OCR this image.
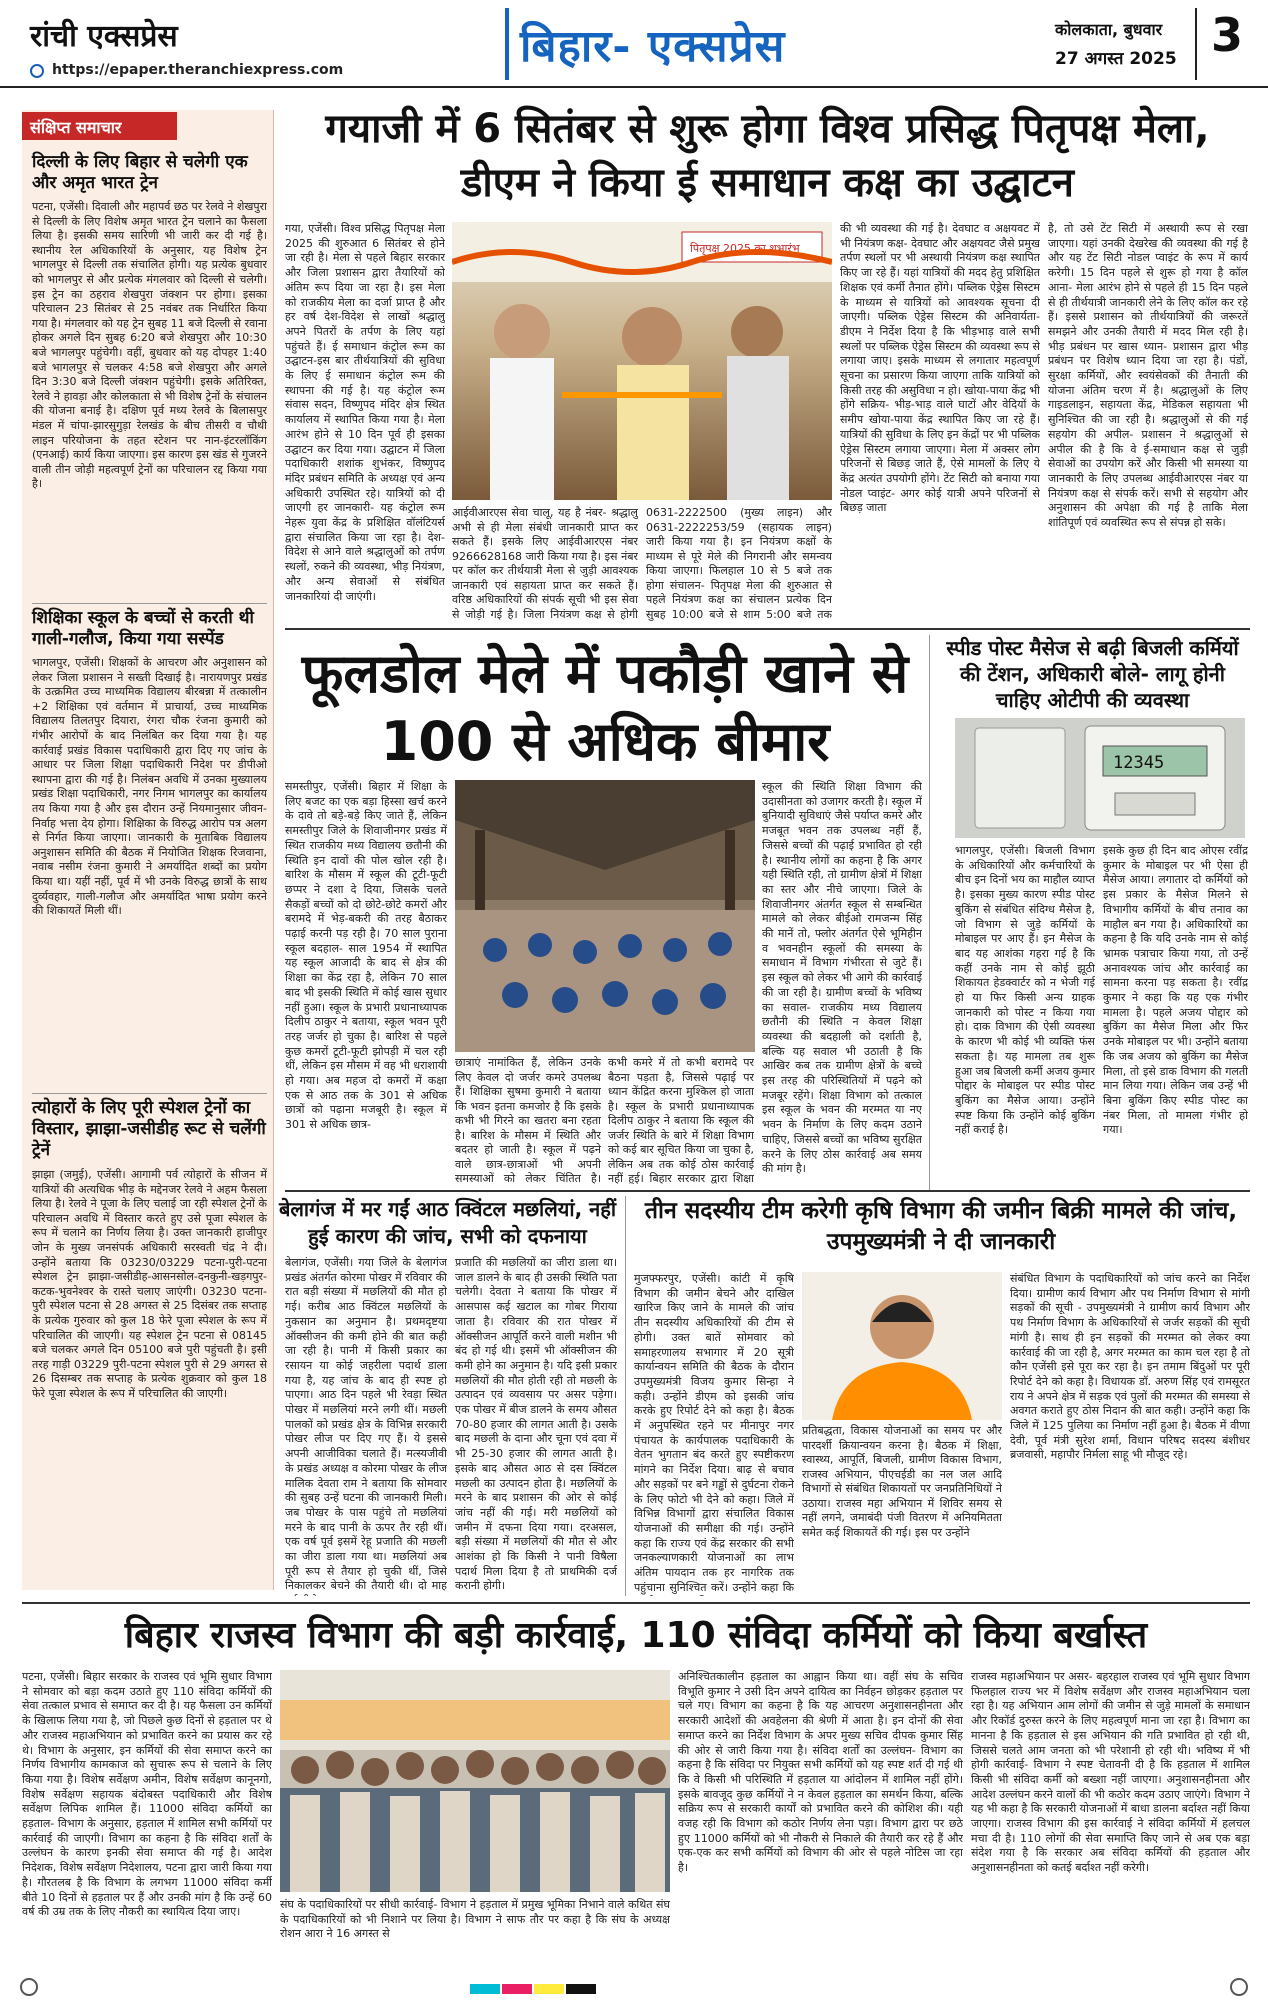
रांची एक्सप्रेस
https://epaper.theranchiexpress.com	बिहार- एक्सप्रेस	कोलकाता, बुधवार
27 अगस्त 2025 3
संक्षिप्त समाचार
दिल्ली के लिए बिहार से चलेगी एक और अमृत भारत ट्रेन
पटना, एजेंसी। दिवाली और महापर्व छठ पर रेलवे ने शेखपुरा से दिल्ली के लिए विशेष अमृत भारत ट्रेन चलाने का फैसला लिया है। इसकी समय सारिणी भी जारी कर दी गई है। स्थानीय रेल अधिकारियों के अनुसार, यह विशेष ट्रेन भागलपुर से दिल्ली तक संचालित होगी। यह प्रत्येक बुधवार को भागलपुर से और प्रत्येक मंगलवार को दिल्ली से चलेगी। इस ट्रेन का ठहराव शेखपुरा जंक्शन पर होगा। इसका परिचालन 23 सितंबर से 25 नवंबर तक निर्धारित किया गया है। मंगलवार को यह ट्रेन सुबह 11 बजे दिल्ली से रवाना होकर अगले दिन सुबह 6:20 बजे शेखपुरा और 10:30 बजे भागलपुर पहुंचेगी। वहीं, बुधवार को यह दोपहर 1:40 बजे भागलपुर से चलकर 4:58 बजे शेखपुरा और अगले दिन 3:30 बजे दिल्ली जंक्शन पहुंचेगी। इसके अतिरिक्त, रेलवे ने हावड़ा और कोलकाता से भी विशेष ट्रेनों के संचालन की योजना बनाई है। दक्षिण पूर्व मध्य रेलवे के बिलासपुर मंडल में चांपा-झारसुगुड़ा रेलखंड के बीच तीसरी व चौथी लाइन परियोजना के तहत स्टेशन पर नान-इंटरलॉकिंग (एनआई) कार्य किया जाएगा। इस कारण इस खंड से गुजरने वाली तीन जोड़ी महत्वपूर्ण ट्रेनों का परिचालन रद्द किया गया है।
शिक्षिका स्कूल के बच्चों से करती थी गाली-गलौज, किया गया सस्पेंड
भागलपुर, एजेंसी। शिक्षकों के आचरण और अनुशासन को लेकर जिला प्रशासन ने सख्ती दिखाई है। नारायणपुर प्रखंड के उत्क्रमित उच्च माध्यमिक विद्यालय बीरबन्ना में तत्कालीन +2 शिक्षिका एवं वर्तमान में प्राचार्या, उच्च माध्यमिक विद्यालय तिलतपुर दियारा, रंगरा चौक रंजना कुमारी को गंभीर आरोपों के बाद निलंबित कर दिया गया है। यह कार्रवाई प्रखंड विकास पदाधिकारी द्वारा दिए गए जांच के आधार पर जिला शिक्षा पदाधिकारी निदेश पर डीपीओ स्थापना द्वारा की गई है। निलंबन अवधि में उनका मुख्यालय प्रखंड शिक्षा पदाधिकारी, नगर निगम भागलपुर का कार्यालय तय किया गया है और इस दौरान उन्हें नियमानुसार जीवन-निर्वाह भत्ता देय होगा। शिक्षिका के विरुद्ध आरोप पत्र अलग से निर्गत किया जाएगा। जानकारी के मुताबिक विद्यालय अनुशासन समिति की बैठक में नियोजित शिक्षक रिजवाना, नवाब नसीम रंजना कुमारी ने अमर्यादित शब्दों का प्रयोग किया था। यहीं नहीं, पूर्व में भी उनके विरुद्ध छात्रों के साथ दुर्व्यवहार, गाली-गलौज और अमर्यादित भाषा प्रयोग करने की शिकायतें मिली थीं।
त्योहारों के लिए पूरी स्पेशल ट्रेनों का विस्तार, झाझा-जसीडीह रूट से चलेंगी ट्रेनें
झाझा (जमुई), एजेंसी। आगामी पर्व त्योहारों के सीजन में यात्रियों की अत्यधिक भीड़ के मद्देनजर रेलवे ने अहम फैसला लिया है। रेलवे ने पूजा के लिए चलाई जा रही स्पेशल ट्रेनों के परिचालन अवधि में विस्तार करते हुए उसे पूजा स्पेशल के रूप में चलाने का निर्णय लिया है। उक्त जानकारी हाजीपुर जोन के मुख्य जनसंपर्क अधिकारी सरस्वती चंद्र ने दी। उन्होंने बताया कि 03230/03229 पटना-पुरी-पटना स्पेशल ट्रेन झाझा-जसीडीह-आसनसोल-दनकुनी-खड़गपुर-कटक-भुवनेश्वर के रास्ते चलाए जाएंगी। 03230 पटना-पुरी स्पेशल पटना से 28 अगस्त से 25 दिसंबर तक सप्ताह के प्रत्येक गुरुवार को कुल 18 फेरे पूजा स्पेशल के रूप में परिचालित की जाएगी। यह स्पेशल ट्रेन पटना से 08145 बजे चलकर अगले दिन 05100 बजे पुरी पहुंचती है। इसी तरह गाड़ी 03229 पुरी-पटना स्पेशल पुरी से 29 अगस्त से 26 दिसम्बर तक सप्ताह के प्रत्येक शुक्रवार को कुल 18 फेरे पूजा स्पेशल के रूप में परिचालित की जाएगी।
गयाजी में 6 सितंबर से शुरू होगा विश्व प्रसिद्ध पितृपक्ष मेला, डीएम ने किया ई समाधान कक्ष का उद्घाटन
गया, एजेंसी। विश्व प्रसिद्ध पितृपक्ष मेला 2025 की शुरुआत 6 सितंबर से होने जा रही है। मेला से पहले बिहार सरकार और जिला प्रशासन द्वारा तैयारियों को अंतिम रूप दिया जा रहा है। इस मेला को राजकीय मेला का दर्जा प्राप्त है और हर वर्ष देश-विदेश से लाखों श्रद्धालु अपने पितरों के तर्पण के लिए यहां पहुंचते हैं। ई समाधान कंट्रोल रूम का उद्घाटन-इस बार तीर्थयात्रियों की सुविधा के लिए ई समाधान कंट्रोल रूम की स्थापना की गई है। यह कंट्रोल रूम संवास सदन, विष्णुपद मंदिर क्षेत्र स्थित कार्यालय में स्थापित किया गया है। मेला आरंभ होने से 10 दिन पूर्व ही इसका उद्घाटन कर दिया गया। उद्घाटन में जिला पदाधिकारी शशांक शुभंकर, विष्णुपद मंदिर प्रबंधन समिति के अध्यक्ष एवं अन्य अधिकारी उपस्थित रहे। यात्रियों को दी जाएगी हर जानकारी- यह कंट्रोल रूम नेहरू युवा केंद्र के प्रशिक्षित वॉलंटियर्स द्वारा संचालित किया जा रहा है। देश-विदेश से आने वाले श्रद्धालुओं को तर्पण स्थलों, रुकने की व्यवस्था, भीड़ नियंत्रण, और अन्य सेवाओं से संबंधित जानकारियां दी जाएंगी।
पितृपक्ष 2025 का शुभारंभ
आईवीआरएस सेवा चालू, यह है नंबर- श्रद्धालु अभी से ही मेला संबंधी जानकारी प्राप्त कर सकते हैं। इसके लिए आईवीआरएस नंबर 9266628168 जारी किया गया है। इस नंबर पर कॉल कर तीर्थयात्री मेला से जुड़ी आवश्यक जानकारी एवं सहायता प्राप्त कर सकते हैं। वरिष्ठ अधिकारियों की संपर्क सूची भी इस सेवा से जोड़ी गई है। जिला नियंत्रण कक्ष से होगी
0631-2222500 (मुख्य लाइन) और 0631-2222253/59 (सहायक लाइन) जारी किया गया है। इन नियंत्रण कक्षों के माध्यम से पूरे मेले की निगरानी और समन्वय किया जाएगा। फिलहाल 10 से 5 बजे तक होगा संचालन- पितृपक्ष मेला की शुरुआत से पहले नियंत्रण कक्ष का संचालन प्रत्येक दिन सुबह 10:00 बजे से शाम 5:00 बजे तक
की भी व्यवस्था की गई है। देवघाट व अक्षयवट में भी नियंत्रण कक्ष- देवघाट और अक्षयवट जैसे प्रमुख तर्पण स्थलों पर भी अस्थायी नियंत्रण कक्ष स्थापित किए जा रहे हैं। यहां यात्रियों की मदद हेतु प्रशिक्षित शिक्षक एवं कर्मी तैनात होंगे। पब्लिक ऐड्रेस सिस्टम के माध्यम से यात्रियों को आवश्यक सूचना दी जाएगी। पब्लिक ऐड्रेस सिस्टम की अनिवार्यता- डीएम ने निर्देश दिया है कि भीड़भाड़ वाले सभी स्थलों पर पब्लिक ऐड्रेस सिस्टम की व्यवस्था रूप से लगाया जाए। इसके माध्यम से लगातार महत्वपूर्ण सूचना का प्रसारण किया जाएगा ताकि यात्रियों को किसी तरह की असुविधा न हो। खोया-पाया केंद्र भी होंगे सक्रिय- भीड़-भाड़ वाले घाटों और वेदियों के समीप खोया-पाया केंद्र स्थापित किए जा रहे हैं। यात्रियों की सुविधा के लिए इन केंद्रों पर भी पब्लिक ऐड्रेस सिस्टम लगाया जाएगा। मेला में अक्सर लोग परिजनों से बिछड़ जाते हैं, ऐसे मामलों के लिए ये केंद्र अत्यंत उपयोगी होंगे। टेंट सिटी को बनाया गया नोडल प्वाइंट- अगर कोई यात्री अपने परिजनों से बिछड़ जाता
है, तो उसे टेंट सिटी में अस्थायी रूप से रखा जाएगा। यहां उनकी देखरेख की व्यवस्था की गई है और यह टेंट सिटी नोडल प्वाइंट के रूप में कार्य करेगी। 15 दिन पहले से शुरू हो गया है कॉल आना- मेला आरंभ होने से पहले ही 15 दिन पहले से ही तीर्थयात्री जानकारी लेने के लिए कॉल कर रहे हैं। इससे प्रशासन को तीर्थयात्रियों की जरूरतें समझने और उनकी तैयारी में मदद मिल रही है। भीड़ प्रबंधन पर खास ध्यान- प्रशासन द्वारा भीड़ प्रबंधन पर विशेष ध्यान दिया जा रहा है। पंडों, सुरक्षा कर्मियों, और स्वयंसेवकों की तैनाती की योजना अंतिम चरण में है। श्रद्धालुओं के लिए गाइडलाइन, सहायता केंद्र, मेडिकल सहायता भी सुनिश्चित की जा रही है। श्रद्धालुओं से की गई सहयोग की अपील- प्रशासन ने श्रद्धालुओं से अपील की है कि वे ई-समाधान कक्ष से जुड़ी सेवाओं का उपयोग करें और किसी भी समस्या या जानकारी के लिए उपलब्ध आईवीआरएस नंबर या नियंत्रण कक्ष से संपर्क करें। सभी से सहयोग और अनुशासन की अपेक्षा की गई है ताकि मेला शांतिपूर्ण एवं व्यवस्थित रूप से संपन्न हो सके।
फूलडोल मेले में पकौड़ी खाने से 100 से अधिक बीमार
समस्तीपुर, एजेंसी। बिहार में शिक्षा के लिए बजट का एक बड़ा हिस्सा खर्च करने के दावे तो बड़े-बड़े किए जाते हैं, लेकिन समस्तीपुर जिले के शिवाजीनगर प्रखंड में स्थित राजकीय मध्य विद्यालय छतौनी की स्थिति इन दावों की पोल खोल रही है। बारिश के मौसम में स्कूल की टूटी-फूटी छप्पर ने दशा दे दिया, जिसके चलते सैकड़ों बच्चों को दो छोटे-छोटे कमरों और बरामदे में भेड़-बकरी की तरह बैठाकर पढ़ाई करनी पड़ रही है। 70 साल पुराना स्कूल बदहाल- साल 1954 में स्थापित यह स्कूल आजादी के बाद से क्षेत्र की शिक्षा का केंद्र रहा है, लेकिन 70 साल बाद भी इसकी स्थिति में कोई खास सुधार नहीं हुआ। स्कूल के प्रभारी प्रधानाध्यापक दिलीप ठाकुर ने बताया, स्कूल भवन पूरी तरह जर्जर हो चुका है। बारिश से पहले कुछ कमरों टूटी-फूटी झोपड़ी में चल रही थीं, लेकिन इस मौसम में वह भी धराशायी हो गया। अब महज दो कमरों में कक्षा एक से आठ तक के 301 से अधिक छात्रों को पढ़ाना मजबूरी है। स्कूल में 301 से अधिक छात्र-
छात्राएं नामांकित हैं, लेकिन उनके लिए केवल दो जर्जर कमरे उपलब्ध हैं। शिक्षिका सुषमा कुमारी ने बताया कि भवन इतना कमजोर है कि इसके कभी भी गिरने का खतरा बना रहता है। बारिश के मौसम में स्थिति और बदतर हो जाती है। स्कूल में पढ़ने वाले छात्र-छात्राओं भी अपनी समस्याओं को लेकर चिंतित है।
कभी कमरे में तो कभी बरामदे पर बैठना पड़ता है, जिससे पढ़ाई पर ध्यान केंद्रित करना मुश्किल हो जाता है। स्कूल के प्रभारी प्रधानाध्यापक दिलीप ठाकुर ने बताया कि स्कूल की जर्जर स्थिति के बारे में शिक्षा विभाग को कई बार सूचित किया जा चुका है, लेकिन अब तक कोई ठोस कार्रवाई नहीं हुई। बिहार सरकार द्वारा शिक्षा
स्कूल की स्थिति शिक्षा विभाग की उदासीनता को उजागर करती है। स्कूल में बुनियादी सुविधाएं जैसे पर्याप्त कमरे और मजबूत भवन तक उपलब्ध नहीं हैं, जिससे बच्चों की पढ़ाई प्रभावित हो रही है। स्थानीय लोगों का कहना है कि अगर यही स्थिति रही, तो ग्रामीण क्षेत्रों में शिक्षा का स्तर और नीचे जाएगा। जिले के शिवाजीनगर अंतर्गत स्कूल से सम्बन्धित मामले को लेकर बीईओ रामजन्म सिंह की मानें तो, फ्लोर अंतर्गत ऐसे भूमिहीन व भवनहीन स्कूलों की समस्या के समाधान में विभाग गंभीरता से जुटे हैं। इस स्कूल को लेकर भी आगे की कार्रवाई की जा रही है। ग्रामीण बच्चों के भविष्य का सवाल- राजकीय मध्य विद्यालय छतौनी की स्थिति न केवल शिक्षा व्यवस्था की बदहाली को दर्शाती है, बल्कि यह सवाल भी उठाती है कि आखिर कब तक ग्रामीण क्षेत्रों के बच्चे इस तरह की परिस्थितियों में पढ़ने को मजबूर रहेंगे। शिक्षा विभाग को तत्काल इस स्कूल के भवन की मरम्मत या नए भवन के निर्माण के लिए कदम उठाने चाहिए, जिससे बच्चों का भविष्य सुरक्षित करने के लिए ठोस कार्रवाई अब समय की मांग है।
स्पीड पोस्ट मैसेज से बढ़ी बिजली कर्मियों की टेंशन, अधिकारी बोले- लागू होनी चाहिए ओटीपी की व्यवस्था
12345
भागलपुर, एजेंसी। बिजली विभाग के अधिकारियों और कर्मचारियों के बीच इन दिनों भय का माहौल व्याप्त है। इसका मुख्य कारण स्पीड पोस्ट बुकिंग से संबंधित संदिग्ध मैसेज है, जो विभाग से जुड़े कर्मियों के मोबाइल पर आए हैं। इन मैसेज के बाद यह आशंका गहरा गई है कि कहीं उनके नाम से कोई झूठी शिकायत हेडक्वार्टर को न भेजी गई हो या फिर किसी अन्य ग्राहक जानकारी को पोस्ट न किया गया हो। दाक विभाग की ऐसी व्यवस्था के कारण भी कोई भी व्यक्ति फंस सकता है। यह मामला तब शुरू हुआ जब बिजली कर्मी अजय कुमार पोद्दार के मोबाइल पर स्पीड पोस्ट बुकिंग का मैसेज आया। उन्होंने स्पष्ट किया कि उन्होंने कोई बुकिंग नहीं कराई है।
इसके कुछ ही दिन बाद ओएस रवींद्र कुमार के मोबाइल पर भी ऐसा ही मैसेज आया। लगातार दो कर्मियों को इस प्रकार के मैसेज मिलने से विभागीय कर्मियों के बीच तनाव का माहौल बन गया है। अधिकारियों का कहना है कि यदि उनके नाम से कोई भ्रामक पत्राचार किया गया, तो उन्हें अनावश्यक जांच और कार्रवाई का सामना करना पड़ सकता है। रवींद्र कुमार ने कहा कि यह एक गंभीर मामला है। पहले अजय पोद्दार को बुकिंग का मैसेज मिला और फिर उनके मोबाइल पर भी। उन्होंने बताया कि जब अजय को बुकिंग का मैसेज मिला, तो इसे डाक विभाग की गलती मान लिया गया। लेकिन जब उन्हें भी बिना बुकिंग किए स्पीड पोस्ट का नंबर मिला, तो मामला गंभीर हो गया।
बेलागंज में मर गईं आठ क्विंटल मछलियां, नहीं हुई कारण की जांच, सभी को दफनाया
बेलागंज, एजेंसी। गया जिले के बेलागंज प्रखंड अंतर्गत कोरमा पोखर में रविवार की रात बड़ी संख्या में मछलियों की मौत हो गई। करीब आठ क्विंटल मछलियों के नुकसान का अनुमान है। प्रथमदृष्टया ऑक्सीजन की कमी होने की बात कही जा रही है। पानी में किसी प्रकार का रसायन या कोई जहरीला पदार्थ डाला गया है, यह जांच के बाद ही स्पष्ट हो पाएगा। आठ दिन पहले भी रेवड़ा स्थित पोखर में मछलियां मरने लगी थीं। मछली पालकों को प्रखंड क्षेत्र के विभिन्न सरकारी पोखर लीज पर दिए गए हैं। ये इससे अपनी आजीविका चलाते हैं। मत्स्यजीवी के प्रखंड अध्यक्ष व कोरमा पोखर के लीज मालिक देवता राम ने बताया कि सोमवार की सुबह उन्हें घटना की जानकारी मिली। जब पोखर के पास पहुंचे तो मछलियां मरने के बाद पानी के ऊपर तैर रही थीं। एक वर्ष पूर्व इसमें रेहू प्रजाति की मछली का जीरा डाला गया था। मछलियां अब पूरी रूप से तैयार हो चुकी थीं, जिसे निकालकर बेचने की तैयारी थी। दो माह
प्रजाति की मछलियों का जीरा डाला था। जाल डालने के बाद ही उसकी स्थिति पता चलेगी। देवता ने बताया कि पोखर में आसपास कई खटाल का गोबर गिराया जाता है। रविवार की रात पोखर में ऑक्सीजन आपूर्ति करने वाली मशीन भी बंद हो गई थी। इसमें भी ऑक्सीजन की कमी होने का अनुमान है। यदि इसी प्रकार मछलियों की मौत होती रही तो मछली के उत्पादन एवं व्यवसाय पर असर पड़ेगा। एक पोखर में बीज डालने के समय औसत 70-80 हजार की लागत आती है। उसके बाद मछली के दाना और चूना एवं दवा में भी 25-30 हजार की लागत आती है। इसके बाद औसत आठ से दस क्विंटल मछली का उत्पादन होता है। मछलियों के मरने के बाद प्रशासन की ओर से कोई जांच नहीं की गई। मरी मछलियों को जमीन में दफना दिया गया। दरअसल, बड़ी संख्या में मछलियों की मौत से और आशंका हो कि किसी ने पानी विषैला पदार्थ मिला दिया है तो प्राथमिकी दर्ज करानी होगी।
तीन सदस्यीय टीम करेगी कृषि विभाग की जमीन बिक्री मामले की जांच, उपमुख्यमंत्री ने दी जानकारी
मुजफ्फरपुर, एजेंसी। कांटी में कृषि विभाग की जमीन बेचने और दाखिल खारिज किए जाने के मामले की जांच तीन सदस्यीय अधिकारियों की टीम से होगी। उक्त बातें सोमवार को समाहरणालय सभागार में 20 सूत्री कार्यान्वयन समिति की बैठक के दौरान उपमुख्यमंत्री विजय कुमार सिन्हा ने कही। उन्होंने डीएम को इसकी जांच करके हुए रिपोर्ट देने को कहा है। बैठक में अनुपस्थित रहने पर मीनापुर नगर पंचायत के कार्यपालक पदाधिकारी के वेतन भुगतान बंद करते हुए स्पष्टीकरण मांगने का निर्देश दिया। बाढ़ से बचाव और सड़कों पर बने गड्ढों से दुर्घटना रोकने के लिए फोटो भी देने को कहा। जिले में विभिन्न विभागों द्वारा संचालित विकास योजनाओं की समीक्षा की गई। उन्होंने कहा कि राज्य एवं केंद्र सरकार की सभी जनकल्याणकारी योजनाओं का लाभ अंतिम पायदान तक हर नागरिक तक पहुंचाना सुनिश्चित करें। उन्होंने कहा कि
प्रतिबद्धता, विकास योजनाओं का समय पर और पारदर्शी क्रियान्वयन करना है। बैठक में शिक्षा, स्वास्थ्य, आपूर्ति, बिजली, ग्रामीण विकास विभाग, राजस्व अभियान, पीएचईडी का नल जल आदि विभागों से संबंधित शिकायतों पर जनप्रतिनिधियों ने उठाया। राजस्व महा अभियान में शिविर समय से नहीं लगने, जमाबंदी पंजी वितरण में अनियमितता समेत कई शिकायतें की गई। इस पर उन्होंने
संबंधित विभाग के पदाधिकारियों को जांच करने का निर्देश दिया। ग्रामीण कार्य विभाग और पथ निर्माण विभाग से मांगी सड़कों की सूची - उपमुख्यमंत्री ने ग्रामीण कार्य विभाग और पथ निर्माण विभाग के अधिकारियों से जर्जर सड़कों की सूची मांगी है। साथ ही इन सड़कों की मरम्मत को लेकर क्या कार्रवाई की जा रही है, अगर मरम्मत का काम चल रहा है तो कौन एजेंसी इसे पूरा कर रहा है। इन तमाम बिंदुओं पर पूरी रिपोर्ट देने को कहा है। विधायक डॉ. अरुण सिंह एवं रामसूरत राय ने अपने क्षेत्र में सड़क एवं पुलों की मरम्मत की समस्या से अवगत कराते हुए ठोस निदान की बात कही। उन्होंने कहा कि जिले में 125 पुलिया का निर्माण नहीं हुआ है। बैठक में वीणा देवी, पूर्व मंत्री सुरेश शर्मा, विधान परिषद सदस्य बंशीधर ब्रजवासी, महापौर निर्मला साहू भी मौजूद रहे।
बिहार राजस्व विभाग की बड़ी कार्रवाई, 110 संविदा कर्मियों को किया बर्खास्त
पटना, एजेंसी। बिहार सरकार के राजस्व एवं भूमि सुधार विभाग ने सोमवार को बड़ा कदम उठाते हुए 110 संविदा कर्मियों की सेवा तत्काल प्रभाव से समाप्त कर दी है। यह फैसला उन कर्मियों के खिलाफ लिया गया है, जो पिछले कुछ दिनों से हड़ताल पर थे और राजस्व महाअभियान को प्रभावित करने का प्रयास कर रहे थे। विभाग के अनुसार, इन कर्मियों की सेवा समाप्त करने का निर्णय विभागीय कामकाज को सुचारू रूप से चलाने के लिए किया गया है। विशेष सर्वेक्षण अमीन, विशेष सर्वेक्षण कानूनगो, विशेष सर्वेक्षण सहायक बंदोबस्त पदाधिकारी और विशेष सर्वेक्षण लिपिक शामिल हैं। 11000 संविदा कर्मियों का हड़ताल- विभाग के अनुसार, हड़ताल में शामिल सभी कर्मियों पर कार्रवाई की जाएगी। विभाग का कहना है कि संविदा शर्तों के उल्लंघन के कारण इनकी सेवा समाप्त की गई है। आदेश निदेशक, विशेष सर्वेक्षण निदेशालय, पटना द्वारा जारी किया गया है। गौरतलब है कि विभाग के लगभग 11000 संविदा कर्मी बीते 10 दिनों से हड़ताल पर हैं और उनकी मांग है कि उन्हें 60 वर्ष की उम्र तक के लिए नौकरी का स्थायित्व दिया जाए।
संघ के पदाधिकारियों पर सीधी कार्रवाई- विभाग ने हड़ताल में प्रमुख भूमिका निभाने वाले कथित संघ के पदाधिकारियों को भी निशाने पर लिया है। विभाग ने साफ तौर पर कहा है कि संघ के अध्यक्ष रोशन आरा ने 16 अगस्त से
अनिश्चितकालीन हड़ताल का आह्वान किया था। वहीं संघ के सचिव विभूति कुमार ने उसी दिन अपने दायित्व का निर्वहन छोड़कर हड़ताल पर चले गए। विभाग का कहना है कि यह आचरण अनुशासनहीनता और सरकारी आदेशों की अवहेलना की श्रेणी में आता है। इन दोनों की सेवा समाप्त करने का निर्देश विभाग के अपर मुख्य सचिव दीपक कुमार सिंह की ओर से जारी किया गया है। संविदा शर्तों का उल्लंघन- विभाग का कहना है कि संविदा पर नियुक्त सभी कर्मियों को यह स्पष्ट शर्त दी गई थी कि वे किसी भी परिस्थिति में हड़ताल या आंदोलन में शामिल नहीं होंगे। इसके बावजूद कुछ कर्मियों ने न केवल हड़ताल का समर्थन किया, बल्कि सक्रिय रूप से सरकारी कार्यों को प्रभावित करने की कोशिश की। यही वजह रही कि विभाग को कठोर निर्णय लेना पड़ा। विभाग द्वारा पर छठे हुए 11000 कर्मियों को भी नौकरी से निकाले की तैयारी कर रहे हैं और एक-एक कर सभी कर्मियों को विभाग की ओर से पहले नोटिस जा रहा है।
राजस्व महाअभियान पर असर- बहरहाल राजस्व एवं भूमि सुधार विभाग फिलहाल राज्य भर में विशेष सर्वेक्षण और राजस्व महाअभियान चला रहा है। यह अभियान आम लोगों की जमीन से जुड़े मामलों के समाधान और रिकॉर्ड दुरुस्त करने के लिए महत्वपूर्ण माना जा रहा है। विभाग का मानना है कि हड़ताल से इस अभियान की गति प्रभावित हो रही थी, जिससे चलते आम जनता को भी परेशानी हो रही थी। भविष्य में भी होगी कार्रवाई- विभाग ने स्पष्ट चेतावनी दी है कि हड़ताल में शामिल किसी भी संविदा कर्मी को बख्शा नहीं जाएगा। अनुशासनहीनता और आदेश उल्लंघन करने वालों की भी कठोर कदम उठाए जाएंगे। विभाग ने यह भी कहा है कि सरकारी योजनाओं में बाधा डालना बर्दाश्त नहीं किया जाएगा। राजस्व विभाग की इस कार्रवाई ने संविदा कर्मियों में हलचल मचा दी है। 110 लोगों की सेवा समाप्ति किए जाने से अब एक बड़ा संदेश गया है कि सरकार अब संविदा कर्मियों की हड़ताल और अनुशासनहीनता को कतई बर्दाश्त नहीं करेगी।
